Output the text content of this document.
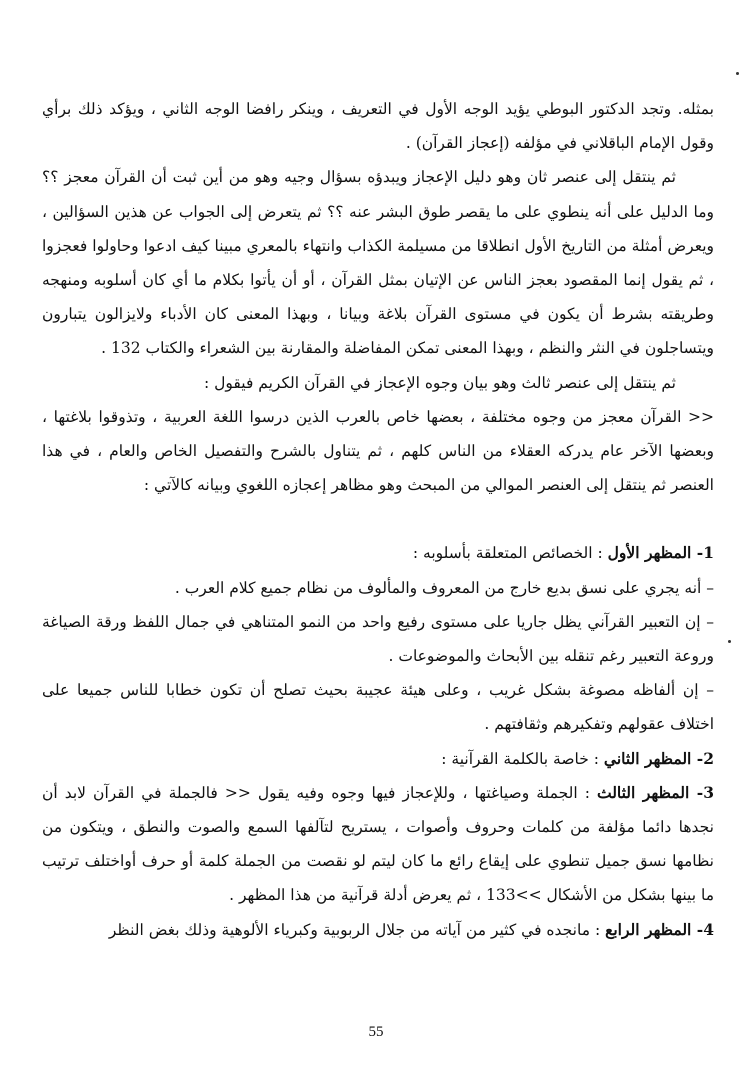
بمثله. وتجد الدكتور البوطي يؤيد الوجه الأول في التعريف ، وينكر رافضا الوجه الثاني ، ويؤكد ذلك برأي وقول الإمام الباقلاني في مؤلفه (إعجاز القرآن) .

ثم ينتقل إلى عنصر ثان وهو دليل الإعجاز ويبدؤه بسؤال وجيه وهو من أين ثبت أن القرآن معجز ؟؟ وما الدليل على أنه ينطوي على ما يقصر طوق البشر عنه ؟؟ ثم يتعرض إلى الجواب عن هذين السؤالين ، ويعرض أمثلة من التاريخ الأول انطلاقا من مسيلمة الكذاب وانتهاء بالمعري مبينا كيف ادعوا وحاولوا فعجزوا ، ثم يقول إنما المقصود بعجز الناس عن الإتيان بمثل القرآن ، أو أن يأتوا بكلام ما أي كان أسلوبه ومنهجه وطريقته بشرط أن يكون في مستوى القرآن بلاغة وبيانا ، وبهذا المعنى كان الأدباء ولايزالون يتبارون ويتساجلون في النثر والنظم ، وبهذا المعنى تمكن المفاضلة والمقارنة بين الشعراء والكتاب 132 .

ثم ينتقل إلى عنصر ثالث وهو بيان وجوه الإعجاز في القرآن الكريم فيقول :

<< القرآن معجز من وجوه مختلفة ، بعضها خاص بالعرب الذين درسوا اللغة العربية ، وتذوقوا بلاغتها ، وبعضها الآخر عام يدركه العقلاء من الناس كلهم ، ثم يتناول بالشرح والتفصيل الخاص والعام ، في هذا العنصر ثم ينتقل إلى العنصر الموالي من المبحث وهو مظاهر إعجازه اللغوي وبيانه كالآتي :

1- المظهر الأول : الخصائص المتعلقة بأسلوبه :

– أنه يجري على نسق بديع خارج من المعروف والمألوف من نظام جميع كلام العرب .

– إن التعبير القرآني يظل جاريا على مستوى رفيع واحد من النمو المتناهي في جمال اللفظ ورقة الصياغة وروعة التعبير رغم تنقله بين الأبحاث والموضوعات .

– إن ألفاظه مصوغة بشكل غريب ، وعلى هيئة عجيبة بحيث تصلح أن تكون خطابا للناس جميعا على اختلاف عقولهم وتفكيرهم وثقافتهم .

2- المظهر الثاني : خاصة بالكلمة القرآنية :

3- المظهر الثالث : الجملة وصياغتها ، وللإعجاز فيها وجوه وفيه يقول << فالجملة في القرآن لابد أن نجدها دائما مؤلفة من كلمات وحروف وأصوات ، يستريح لتآلفها السمع والصوت والنطق ، ويتكون من نظامها نسق جميل تنطوي على إيقاع رائع ما كان ليتم لو نقصت من الجملة كلمة أو حرف أواختلف ترتيب ما بينها بشكل من الأشكال >>133 ، ثم يعرض أدلة قرآنية من هذا المظهر .

4- المظهر الرابع : مانجده في كثير من آياته من جلال الربوبية وكبرياء الألوهية وذلك بغض النظر

55
